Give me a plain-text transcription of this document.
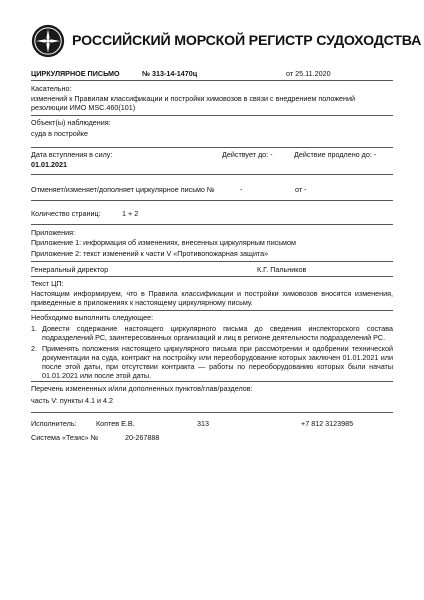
РОССИЙСКИЙ МОРСКОЙ РЕГИСТР СУДОХОДСТВА
ЦИРКУЛЯРНОЕ ПИСЬМО	№ 313-14-1470ц	от 25.11.2020
Касательно:
изменений к Правилам классификации и постройки химовозов в связи с внедрением положений резолюции ИМО MSC.460(101)
Объект(ы) наблюдения:
суда в постройке
Дата вступления в силу:
01.01.2021
Действует до: -	Действие продлено до: -
Отменяет/изменяет/дополняет циркулярное письмо №	-	от -
Количество страниц:	1 + 2
Приложения:
Приложение 1: информация об изменениях, внесенных циркулярным письмом
Приложение 2: текст изменений к части V «Противопожарная защита»
Генеральный директор	К.Г. Пальников
Текст ЦП:
Настоящим информируем, что в Правила классификации и постройки химовозов вносятся изменения, приведенные в приложениях к настоящему циркулярному письму.
Необходимо выполнить следующее:
1. Довести содержание настоящего циркулярного письма до сведения инспекторского состава подразделений РС, заинтересованных организаций и лиц в регионе деятельности подразделений РС.
2. Применять положения настоящего циркулярного письма при рассмотрении и одобрении технической документации на суда, контракт на постройку или переоборудование которых заключен 01.01.2021 или после этой даты, при отсутствии контракта — работы по переоборудованию которых были начаты 01.01.2021 или после этой даты.
Перечень измененных и/или дополненных пунктов/глав/разделов:
часть V: пункты 4.1 и 4.2
Исполнитель:	Коптев Е.В.	313	+7 812 3123985
Система «Тезис» №	20-267888
